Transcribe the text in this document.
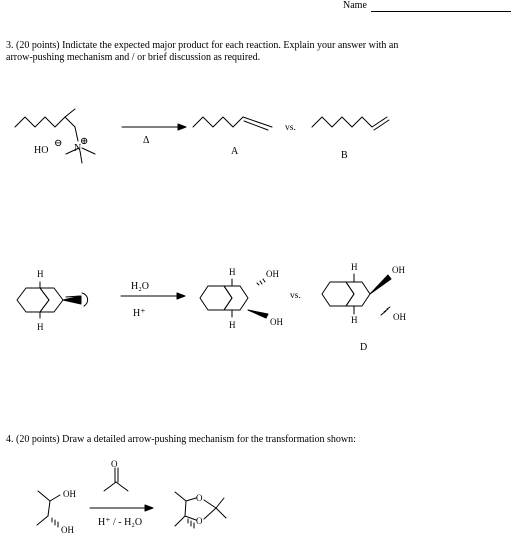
Name
3. (20 points) Indictate the expected major product for each reaction. Explain your answer with an
arrow-pushing mechanism and / or brief discussion as required.
4. (20 points) Draw a detailed arrow-pushing mechanism for the transformation shown:
Δ
HO
⊖ N
⊕
vs.
A	B
H₂O
H⁺
H
H
H
H
OH
OH
vs.
H
H
OH
OH
D
OH
OH
O
H⁺ / - H₂O
O
O
